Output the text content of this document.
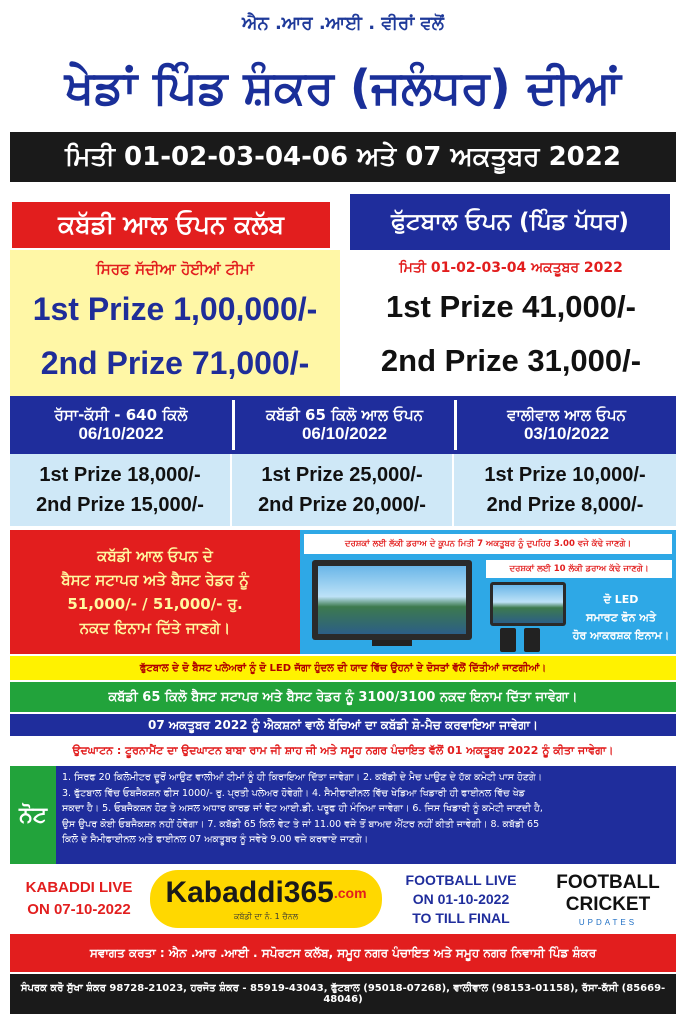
ਐਨ .ਆਰ .ਆਈ . ਵੀਰਾਂ ਵਲੋਂ
ਖੇਡਾਂ ਪਿੰਡ ਸ਼ੰਕਰ (ਜਲੰਧਰ) ਦੀਆਂ
ਮਿਤੀ 01-02-03-04-06 ਅਤੇ 07 ਅਕਤੂਬਰ 2022
ਕਬੱਡੀ ਆਲ ਓਪਨ ਕਲੱਬ	ਫੁੱਟਬਾਲ ਓਪਨ (ਪਿੰਡ ਪੱਧਰ)
ਸਿਰਫ ਸੱਦੀਆ ਹੋਈਆਂ ਟੀਮਾਂ
1st Prize 1,00,000/-
2nd Prize 71,000/-
ਮਿਤੀ 01-02-03-04 ਅਕਤੂਬਰ 2022
1st Prize 41,000/-
2nd Prize 31,000/-
ਰੱਸਾ-ਕੱਸੀ - 640 ਕਿਲੋ
06/10/2022
ਕਬੱਡੀ 65 ਕਿਲੋ ਆਲ ਓਪਨ
06/10/2022
ਵਾਲੀਵਾਲ ਆਲ ਓਪਨ
03/10/2022
1st Prize 18,000/-
2nd Prize 15,000/-
1st Prize 25,000/-
2nd Prize 20,000/-
1st Prize 10,000/-
2nd Prize 8,000/-
ਕਬੱਡੀ ਆਲ ਓਪਨ ਦੇ
ਬੈਸਟ ਸਟਾਪਰ ਅਤੇ ਬੈਸਟ ਰੇਡਰ ਨੂੰ
51,000/- / 51,000/- ਰੁ.
ਨਕਦ ਇਨਾਮ ਦਿੱਤੇ ਜਾਣਗੇ।
ਦਰਸ਼ਕਾਂ ਲਈ ਲੱਕੀ ਡਰਾਅ ਦੇ ਕੂਪਨ ਮਿਤੀ 7 ਅਕਤੂਬਰ ਨੂੰ ਦੁਪਹਿਰ 3.00 ਵਜੇ ਕੱਢੇ ਜਾਣਗੇ।
ਦਰਸ਼ਕਾਂ ਲਈ 10 ਲੱਕੀ ਡਰਾਅ ਕੱਢੇ ਜਾਣਗੇ।
ਦੋ LED
ਸਮਾਰਟ ਫੋਨ ਅਤੇ
ਹੋਰ ਆਕਰਸ਼ਕ ਇਨਾਮ।
ਫੁੱਟਬਾਲ ਦੇ ਦੋ ਬੈਸਟ ਪਲੇਅਰਾਂ ਨੂੰ ਦੋ LED ਜੱਗਾ ਹੁੰਦਲ ਦੀ ਯਾਦ ਵਿੱਚ ਉਹਨਾਂ ਦੇ ਦੋਸਤਾਂ ਵੱਲੋਂ ਦਿੱਤੀਆਂ ਜਾਣਗੀਆਂ।
ਕਬੱਡੀ 65 ਕਿਲੋ ਬੈਸਟ ਸਟਾਪਰ ਅਤੇ ਬੈਸਟ ਰੇਡਰ ਨੂੰ 3100/3100 ਨਕਦ ਇਨਾਮ ਦਿੱਤਾ ਜਾਵੇਗਾ।
07 ਅਕਤੂਬਰ 2022 ਨੂੰ ਐਕਸ਼ਨਾਂ ਵਾਲੇ ਬੱਚਿਆਂ ਦਾ ਕਬੱਡੀ ਸ਼ੋ-ਮੈਚ ਕਰਵਾਇਆ ਜਾਵੇਗਾ।
ਉਦਘਾਟਨ : ਟੂਰਨਾਮੈਂਟ ਦਾ ਉਦਘਾਟਨ ਬਾਬਾ ਰਾਮ ਜੀ ਸ਼ਾਹ ਜੀ ਅਤੇ ਸਮੂਹ ਨਗਰ ਪੰਚਾਇਤ ਵੱਲੋਂ 01 ਅਕਤੂਬਰ 2022 ਨੂੰ ਕੀਤਾ ਜਾਵੇਗਾ।
ਨੋਟ
1. ਸਿਰਫ 20 ਕਿਲੋਮੀਟਰ ਦੂਰੋਂ ਆਉਣ ਵਾਲੀਆਂ ਟੀਮਾਂ ਨੂੰ ਹੀ ਕਿਰਾਇਆ ਦਿੱਤਾ ਜਾਵੇਗਾ। 2. ਕਬੱਡੀ ਦੇ ਮੈਚ ਪਾਉਣ ਦੇ ਹੱਕ ਕਮੇਟੀ ਪਾਸ ਹੋਣਗੇ।
3. ਫੁੱਟਬਾਲ ਵਿੱਚ ਓਬਜੈਕਸ਼ਨ ਫੀਸ 1000/- ਰੁ. ਪ੍ਰਤੀ ਪਲੇਅਰ ਹੋਵੇਗੀ। 4. ਸੈਮੀਫਾਈਨਲ ਵਿੱਚ ਖੇਡਿਆ ਖਿਡਾਰੀ ਹੀ ਫਾਈਨਲ ਵਿੱਚ ਖੇਡ
ਸਕਦਾ ਹੈ। 5. ਓਬਜੈਕਸ਼ਨ ਹੋਣ ਤੇ ਅਸਲ ਅਧਾਰ ਕਾਰਡ ਜਾਂ ਵੋਟ ਆਈ.ਡੀ. ਪਰੂਫ ਹੀ ਮੰਨਿਆ ਜਾਵੇਗਾ। 6. ਜਿਸ ਖਿਡਾਰੀ ਨੂੰ ਕਮੇਟੀ ਜਾਣਦੀ ਹੈ,
ਉਸ ਉਪਰ ਕੋਈ ਓਬਜੈਕਸ਼ਨ ਨਹੀਂ ਹੋਵੇਗਾ। 7. ਕਬੱਡੀ 65 ਕਿਲੋ ਵੇਟ ਤੇ ਜਾਂ 11.00 ਵਜੇ ਤੋਂ ਬਾਅਦ ਐਂਟਰ ਨਹੀਂ ਕੀਤੀ ਜਾਵੇਗੀ। 8. ਕਬੱਡੀ 65
ਕਿਲੋ ਦੇ ਸੈਮੀਫਾਈਨਲ ਅਤੇ ਫਾਈਨਲ 07 ਅਕਤੂਬਰ ਨੂੰ ਸਵੇਰੇ 9.00 ਵਜੇ ਕਰਵਾਏ ਜਾਣਗੇ।
KABADDI LIVE
ON 07-10-2022
Kabaddi365 .com
ਕਬੱਡੀ ਦਾ ਨੰ. 1 ਚੈਨਲ
FOOTBALL LIVE
ON 01-10-2022
TO TILL FINAL
FOOTBALL
CRICKET
UPDATES
ਸਵਾਗਤ ਕਰਤਾ : ਐਨ .ਆਰ .ਆਈ . ਸਪੋਰਟਸ ਕਲੱਬ, ਸਮੂਹ ਨਗਰ ਪੰਚਾਇਤ ਅਤੇ ਸਮੂਹ ਨਗਰ ਨਿਵਾਸੀ ਪਿੰਡ ਸ਼ੰਕਰ
ਸੰਪਰਕ ਕਰੋ ਸੁੱਖਾ ਸ਼ੰਕਰ 98728-21023, ਹਰਜੋਤ ਸ਼ੰਕਰ - 85919-43043, ਫੁੱਟਬਾਲ (95018-07268), ਵਾਲੀਵਾਲ (98153-01158), ਰੱਸਾ-ਕੱਸੀ (85669-48046)
